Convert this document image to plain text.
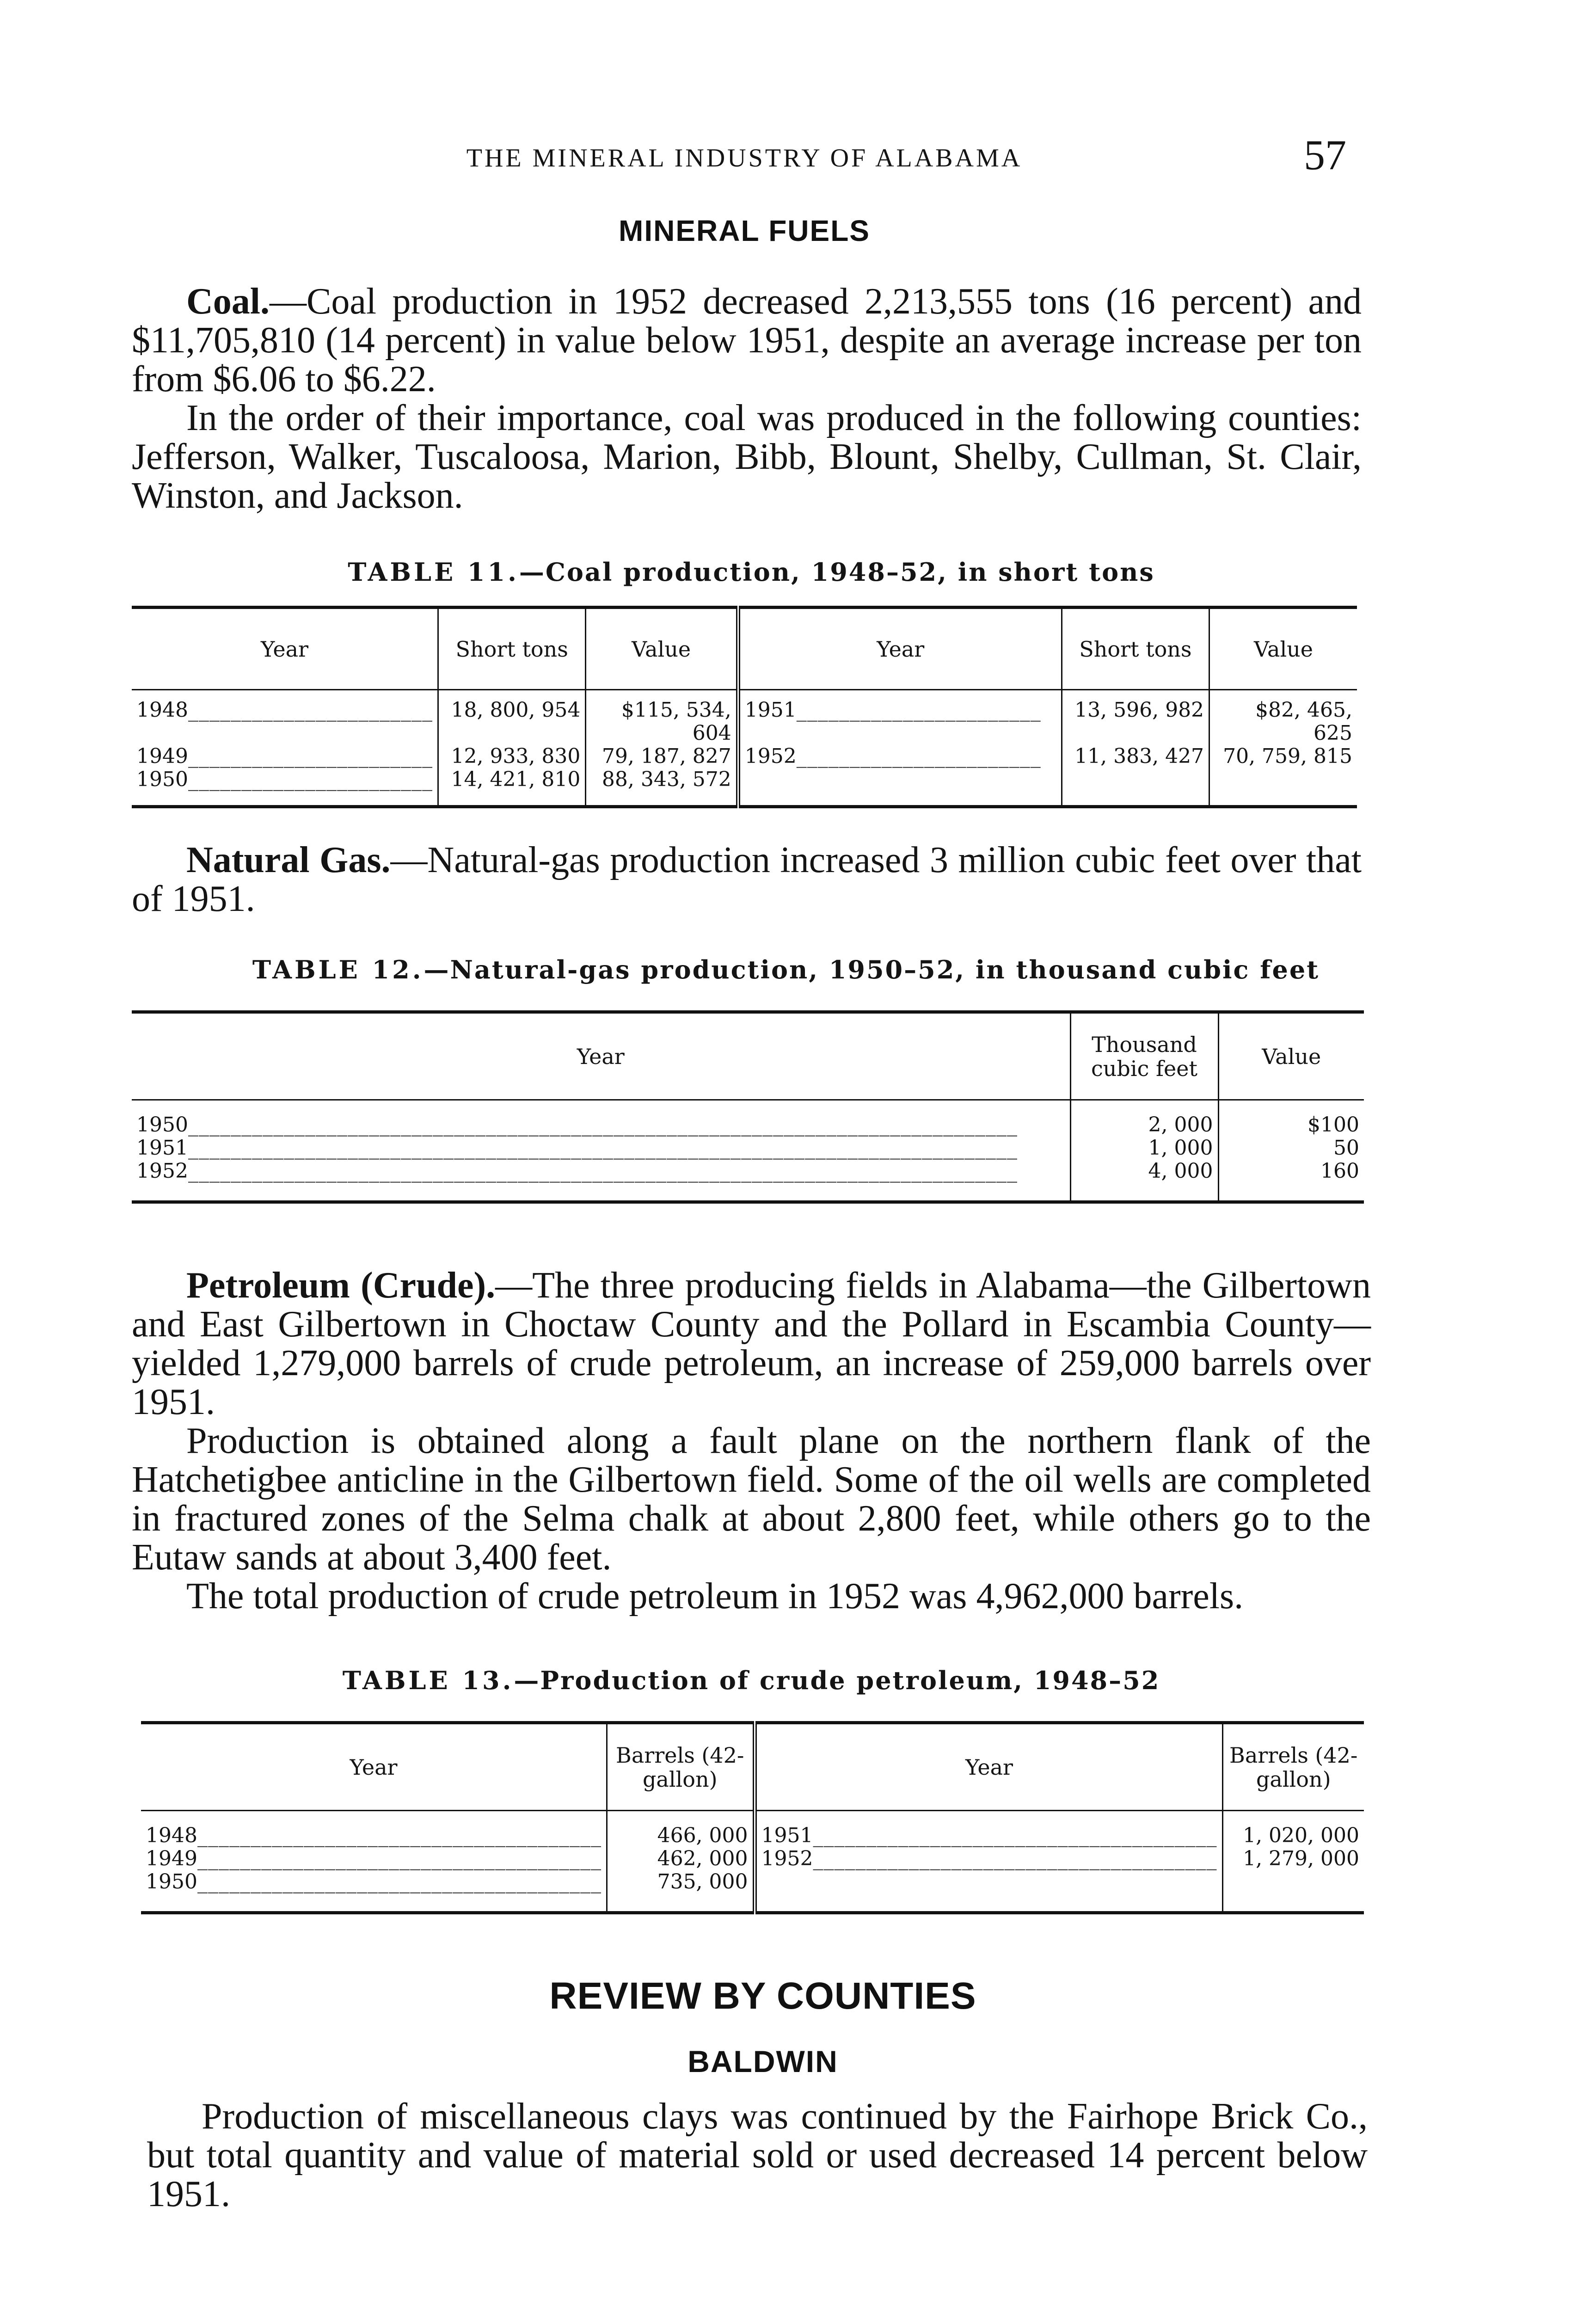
THE MINERAL INDUSTRY OF ALABAMA	57
MINERAL FUELS
Coal.—Coal production in 1952 decreased 2,213,555 tons (16 percent) and $11,705,810 (14 percent) in value below 1951, despite an average increase per ton from $6.06 to $6.22.
In the order of their importance, coal was produced in the following counties: Jefferson, Walker, Tuscaloosa, Marion, Bibb, Blount, Shelby, Cullman, St. Clair, Winston, and Jackson.
TABLE 11.—Coal production, 1948–52, in short tons
Year	Short tons	Value	Year	Short tons	Value
1948_______________________	18, 800, 954	$115, 534, 604	1951_______________________	13, 596, 982	$82, 465, 625
1949_______________________	12, 933, 830	79, 187, 827	1952_______________________	11, 383, 427	70, 759, 815
1950_______________________	14, 421, 810	88, 343, 572			
Natural Gas.—Natural-gas production increased 3 million cubic feet over that of 1951.
TABLE 12.—Natural-gas production, 1950–52, in thousand cubic feet
Year	Thousand cubic feet	Value
1950______________________________________________________________________________	2, 000	$100
1951______________________________________________________________________________	1, 000	50
1952______________________________________________________________________________	4, 000	160
Petroleum (Crude).—The three producing fields in Alabama—the Gilbertown and East Gilbertown in Choctaw County and the Pollard in Escambia County—yielded 1,279,000 barrels of crude petroleum, an increase of 259,000 barrels over 1951.
Production is obtained along a fault plane on the northern flank of the Hatchetigbee anticline in the Gilbertown field. Some of the oil wells are completed in fractured zones of the Selma chalk at about 2,800 feet, while others go to the Eutaw sands at about 3,400 feet.
The total production of crude petroleum in 1952 was 4,962,000 barrels.
TABLE 13.—Production of crude petroleum, 1948–52
Year	Barrels (42-gallon)	Year	Barrels (42-gallon)
1948______________________________________	466, 000	1951______________________________________	1, 020, 000
1949______________________________________	462, 000	1952______________________________________	1, 279, 000
1950______________________________________	735, 000		
REVIEW BY COUNTIES
BALDWIN
Production of miscellaneous clays was continued by the Fairhope Brick Co., but total quantity and value of material sold or used decreased 14 percent below 1951.
